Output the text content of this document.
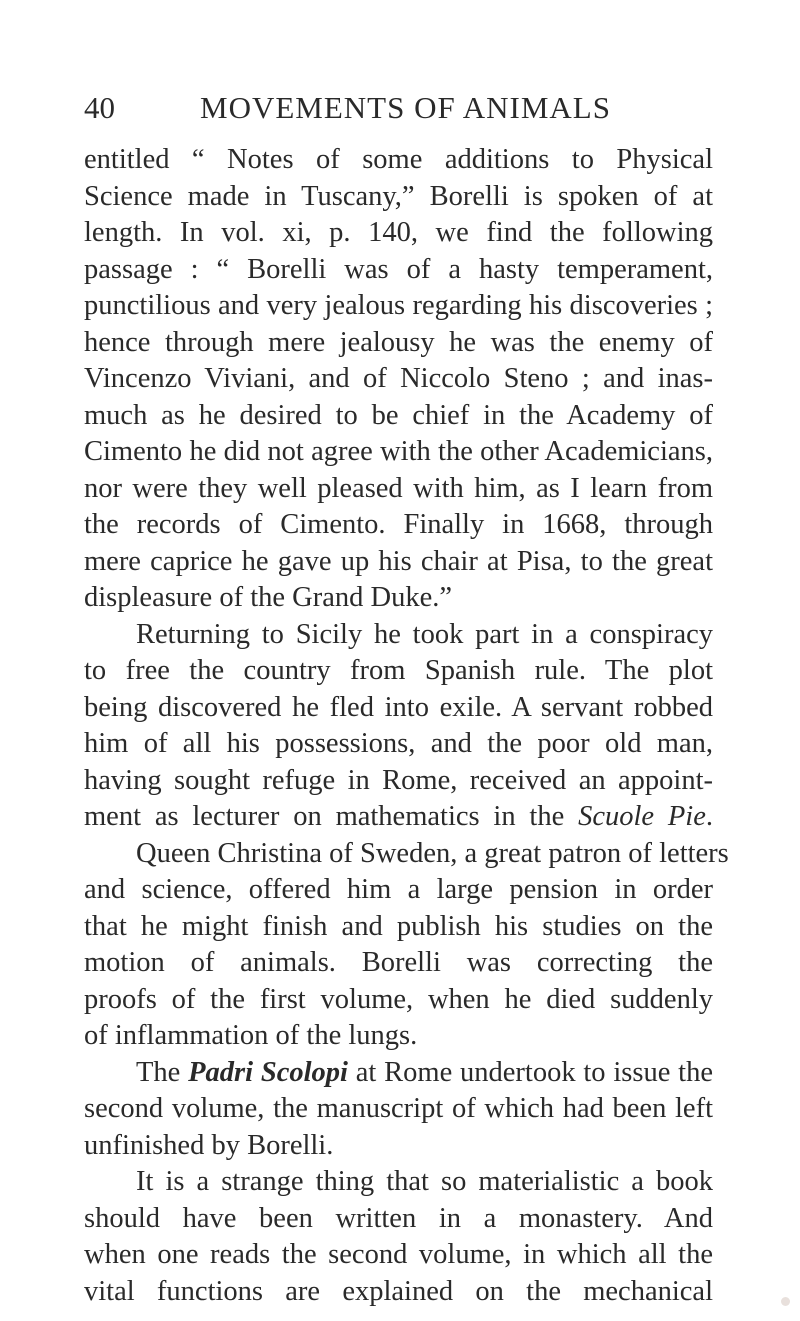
40	MOVEMENTS OF ANIMALS
entitled “ Notes of some additions to Physical
Science made in Tuscany,” Borelli is spoken of at
length. In vol. xi, p. 140, we find the following
passage : “ Borelli was of a hasty temperament,
punctilious and very jealous regarding his discoveries ;
hence through mere jealousy he was the enemy of
Vincenzo Viviani, and of Niccolo Steno ; and inas-
much as he desired to be chief in the Academy of
Cimento he did not agree with the other Academicians,
nor were they well pleased with him, as I learn from
the records of Cimento. Finally in 1668, through
mere caprice he gave up his chair at Pisa, to the great
displeasure of the Grand Duke.”
Returning to Sicily he took part in a conspiracy
to free the country from Spanish rule. The plot
being discovered he fled into exile. A servant robbed
him of all his possessions, and the poor old man,
having sought refuge in Rome, received an appoint-
ment as lecturer on mathematics in the Scuole Pie.
Queen Christina of Sweden, a great patron of letters
and science, offered him a large pension in order
that he might finish and publish his studies on the
motion of animals. Borelli was correcting the
proofs of the first volume, when he died suddenly
of inflammation of the lungs.
The Padri Scolopi at Rome undertook to issue the
second volume, the manuscript of which had been left
unfinished by Borelli.
It is a strange thing that so materialistic a book
should have been written in a monastery. And
when one reads the second volume, in which all the
vital functions are explained on the mechanical
